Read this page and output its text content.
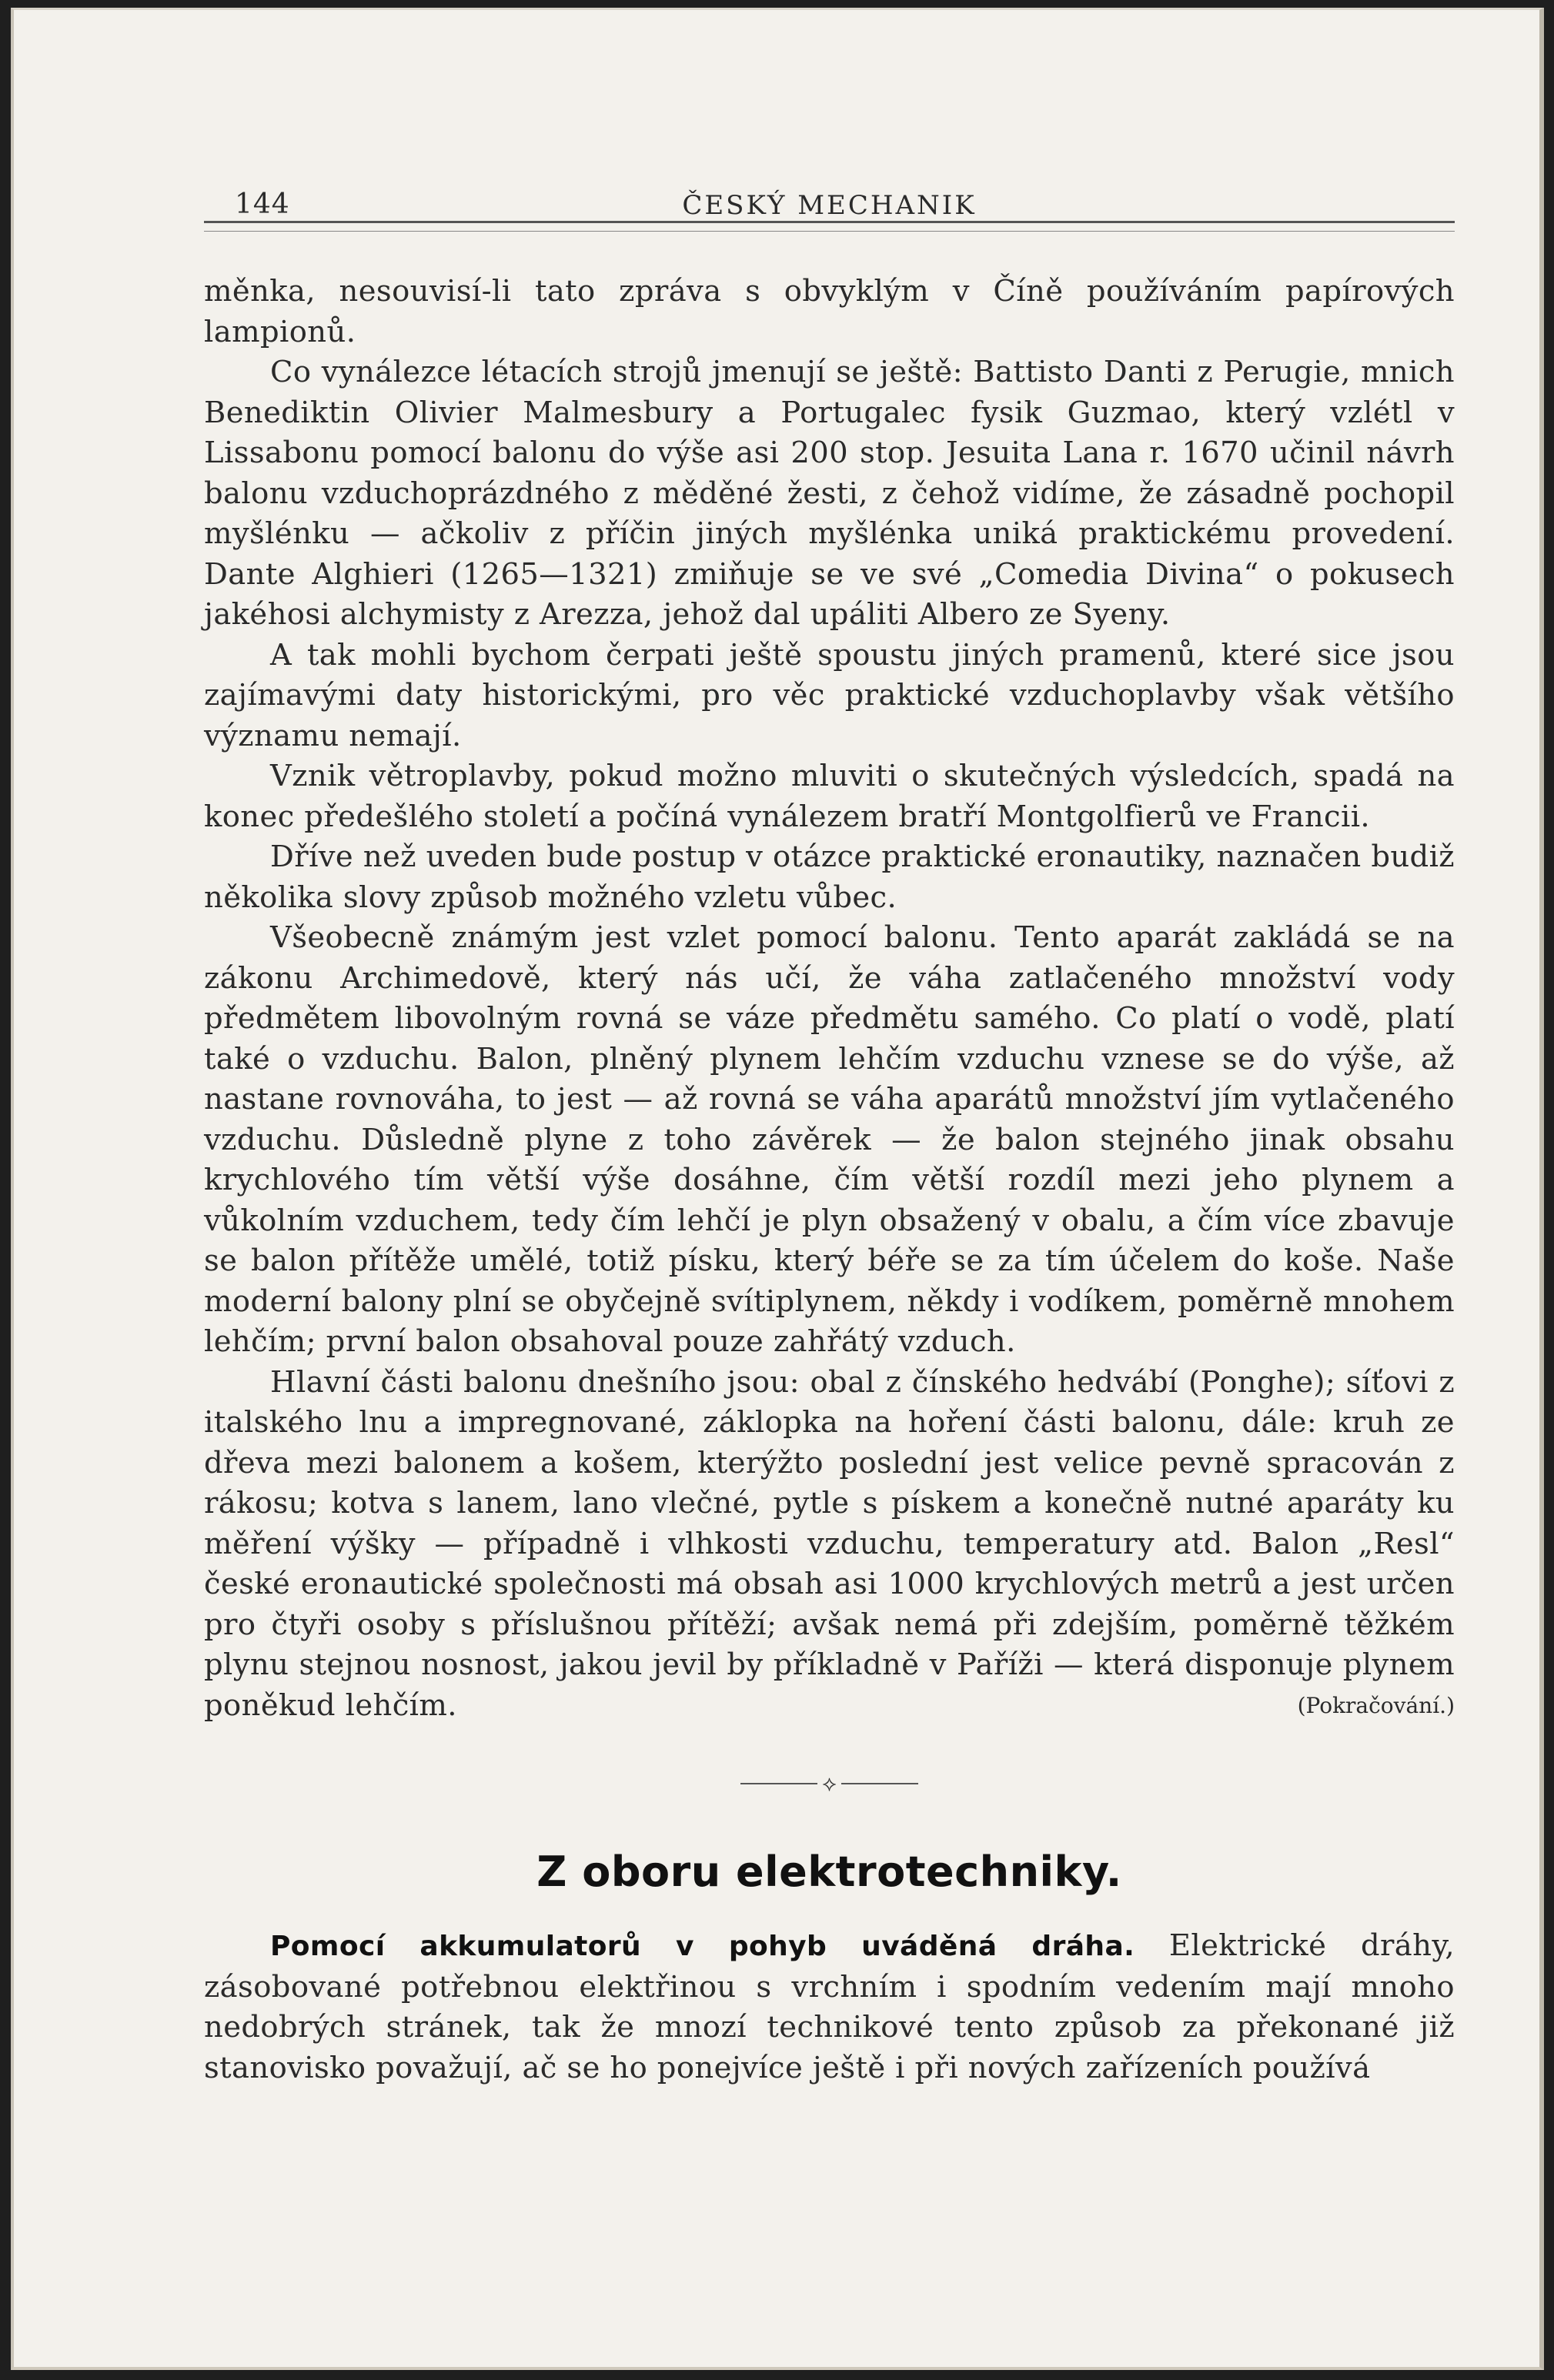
144	ČESKÝ MECHANIK

měnka, nesouvisí-li tato zpráva s obvyklým v Číně používáním papírových lampionů.

Co vynálezce létacích strojů jmenují se ještě: Battisto Danti z Perugie, mnich Benediktin Olivier Malmesbury a Portugalec fysik Guzmao, který vzlétl v Lissabonu pomocí balonu do výše asi 200 stop. Jesuita Lana r. 1670 učinil návrh balonu vzduchoprázdného z měděné žesti, z čehož vidíme, že zásadně pochopil myšlénku — ačkoliv z příčin jiných myšlénka uniká praktickému provedení. Dante Alghieri (1265—1321) zmiňuje se ve své „Comedia Divina“ o pokusech jakéhosi alchymisty z Arezza, jehož dal upáliti Albero ze Syeny.

A tak mohli bychom čerpati ještě spoustu jiných pramenů, které sice jsou zajímavými daty historickými, pro věc praktické vzduchoplavby však většího významu nemají.

Vznik větroplavby, pokud možno mluviti o skutečných výsledcích, spadá na konec předešlého století a počíná vynálezem bratří Montgolfierů ve Francii.

Dříve než uveden bude postup v otázce praktické eronautiky, naznačen budiž několika slovy způsob možného vzletu vůbec.

Všeobecně známým jest vzlet pomocí balonu. Tento aparát zakládá se na zákonu Archimedově, který nás učí, že váha zatlačeného množství vody předmětem libovolným rovná se váze předmětu samého. Co platí o vodě, platí také o vzduchu. Balon, plněný plynem lehčím vzduchu vznese se do výše, až nastane rovnováha, to jest — až rovná se váha aparátů množství jím vytlačeného vzduchu. Důsledně plyne z toho závěrek — že balon stejného jinak obsahu krychlového tím větší výše dosáhne, čím větší rozdíl mezi jeho plynem a vůkolním vzduchem, tedy čím lehčí je plyn obsažený v obalu, a čím více zbavuje se balon přítěže umělé, totiž písku, který béře se za tím účelem do koše. Naše moderní balony plní se obyčejně svítiplynem, někdy i vodíkem, poměrně mnohem lehčím; první balon obsahoval pouze zahřátý vzduch.

Hlavní části balonu dnešního jsou: obal z čínského hedvábí (Ponghe); síťovi z italského lnu a impregnované, záklopka na hoření části balonu, dále: kruh ze dřeva mezi balonem a košem, kterýžto poslední jest velice pevně spracován z rákosu; kotva s lanem, lano vlečné, pytle s pískem a konečně nutné aparáty ku měření výšky — případně i vlhkosti vzduchu, temperatury atd. Balon „Resl“ české eronautické společnosti má obsah asi 1000 krychlových metrů a jest určen pro čtyři osoby s příslušnou přítěží; avšak nemá při zdejším, poměrně těžkém plynu stejnou nosnost, jakou jevil by příkladně v Paříži — která disponuje plynem poněkud lehčím.	(Pokračování.)
⟡
Z oboru elektrotechniky.

Pomocí akkumulatorů v pohyb uváděná dráha. Elektrické dráhy, zásobované potřebnou elektřinou s vrchním i spodním vedením mají mnoho nedobrých stránek, tak že mnozí technikové tento způsob za překonané již stanovisko považují, ač se ho ponejvíce ještě i při nových zařízeních používá
